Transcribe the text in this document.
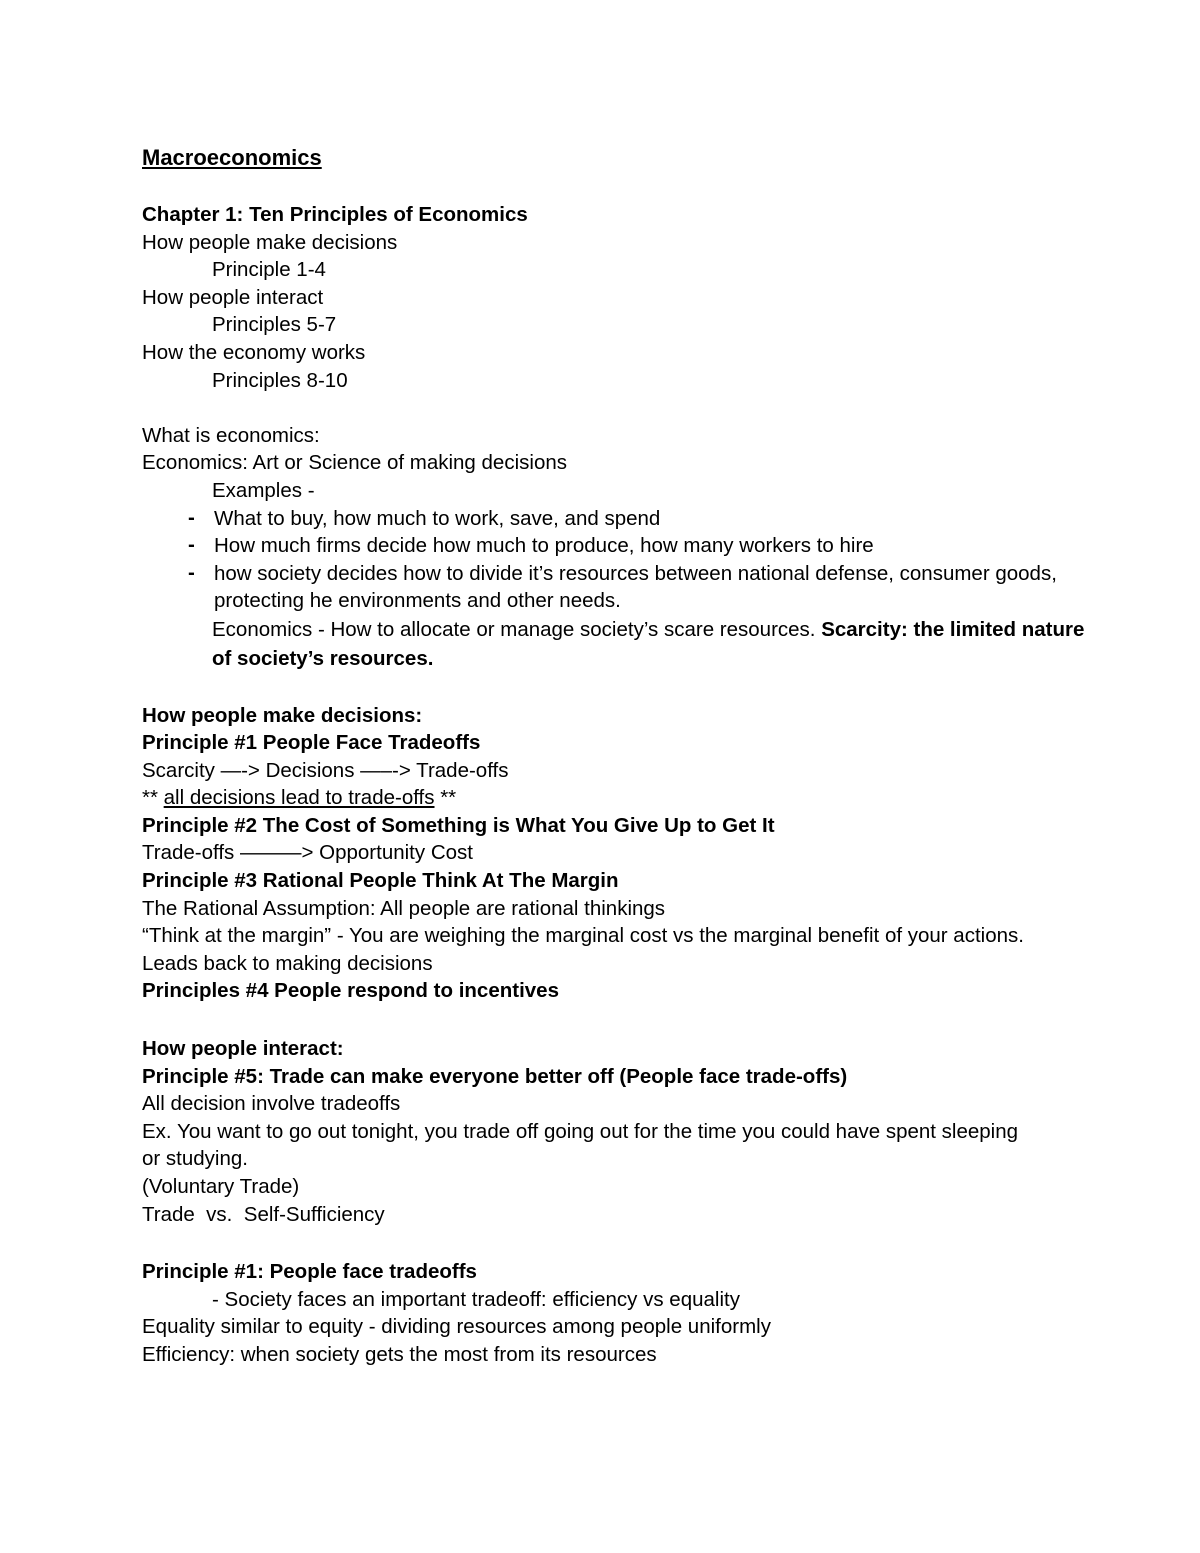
Macroeconomics
Chapter 1: Ten Principles of Economics
How people make decisions
Principle 1-4
How people interact
Principles 5-7
How the economy works
Principles 8-10
What is economics:
Economics: Art or Science of making decisions
Examples -
- What to buy, how much to work, save, and spend
- How much firms decide how much to produce, how many workers to hire
- how society decides how to divide it’s resources between national defense, consumer goods, protecting he environments and other needs.
Economics - How to allocate or manage society’s scare resources. Scarcity: the limited nature of society’s resources.
How people make decisions:
Principle #1 People Face Tradeoffs
Scarcity —-> Decisions —–-> Trade-offs
** all decisions lead to trade-offs **
Principle #2 The Cost of Something is What You Give Up to Get It
Trade-offs ———> Opportunity Cost
Principle #3 Rational People Think At The Margin
The Rational Assumption: All people are rational thinkings
“Think at the margin” - You are weighing the marginal cost vs the marginal benefit of your actions.
Leads back to making decisions
Principles #4 People respond to incentives
How people interact:
Principle #5: Trade can make everyone better off (People face trade-offs)
All decision involve tradeoffs
Ex. You want to go out tonight, you trade off going out for the time you could have spent sleeping or studying.
(Voluntary Trade)
Trade  vs.  Self-Sufficiency
Principle #1: People face tradeoffs
- Society faces an important tradeoff: efficiency vs equality
Equality similar to equity - dividing resources among people uniformly
Efficiency: when society gets the most from its resources
